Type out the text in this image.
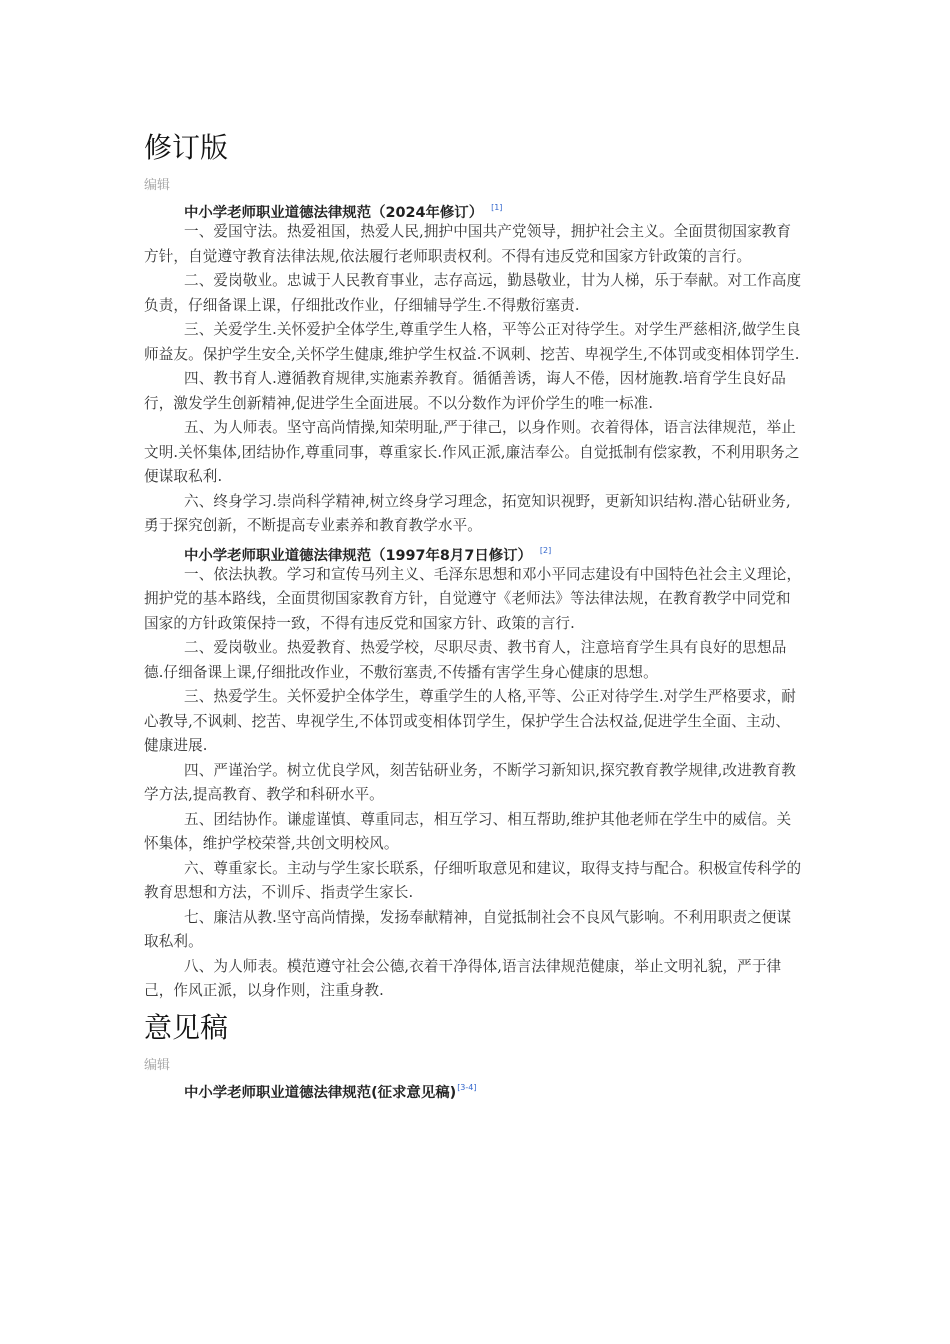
修订版
编辑
中小学老师职业道德法律规范（2024年修订） [1]

一、爱国守法。热爱祖国，热爱人民,拥护中国共产党领导，拥护社会主义。全面贯彻国家教育方针，自觉遵守教育法律法规,依法履行老师职责权利。不得有违反党和国家方针政策的言行。

二、爱岗敬业。忠诚于人民教育事业，志存高远，勤恳敬业，甘为人梯，乐于奉献。对工作高度负责，仔细备课上课，仔细批改作业，仔细辅导学生.不得敷衍塞责.

三、关爱学生.关怀爱护全体学生,尊重学生人格，平等公正对待学生。对学生严慈相济,做学生良师益友。保护学生安全,关怀学生健康,维护学生权益.不讽刺、挖苦、卑视学生,不体罚或变相体罚学生.

四、教书育人.遵循教育规律,实施素养教育。循循善诱，诲人不倦，因材施教.培育学生良好品行，激发学生创新精神,促进学生全面进展。不以分数作为评价学生的唯一标准.

五、为人师表。坚守高尚情操,知荣明耻,严于律己，以身作则。衣着得体，语言法律规范，举止文明.关怀集体,团结协作,尊重同事，尊重家长.作风正派,廉洁奉公。自觉抵制有偿家教，不利用职务之便谋取私利.

六、终身学习.崇尚科学精神,树立终身学习理念，拓宽知识视野，更新知识结构.潜心钻研业务,勇于探究创新，不断提高专业素养和教育教学水平。

中小学老师职业道德法律规范（1997年8月7日修订） [2]

一、依法执教。学习和宣传马列主义、毛泽东思想和邓小平同志建设有中国特色社会主义理论，拥护党的基本路线，全面贯彻国家教育方针，自觉遵守《老师法》等法律法规，在教育教学中同党和国家的方针政策保持一致，不得有违反党和国家方针、政策的言行.

二、爱岗敬业。热爱教育、热爱学校，尽职尽责、教书育人，注意培育学生具有良好的思想品德.仔细备课上课,仔细批改作业，不敷衍塞责,不传播有害学生身心健康的思想。

三、热爱学生。关怀爱护全体学生，尊重学生的人格,平等、公正对待学生.对学生严格要求，耐心教导,不讽刺、挖苦、卑视学生,不体罚或变相体罚学生，保护学生合法权益,促进学生全面、主动、健康进展.

四、严谨治学。树立优良学风，刻苦钻研业务，不断学习新知识,探究教育教学规律,改进教育教学方法,提高教育、教学和科研水平。

五、团结协作。谦虚谨慎、尊重同志，相互学习、相互帮助,维护其他老师在学生中的威信。关怀集体，维护学校荣誉,共创文明校风。

六、尊重家长。主动与学生家长联系，仔细听取意见和建议，取得支持与配合。积极宣传科学的教育思想和方法，不训斥、指责学生家长.

七、廉洁从教.坚守高尚情操，发扬奉献精神，自觉抵制社会不良风气影响。不利用职责之便谋取私利。

八、为人师表。模范遵守社会公德,衣着干净得体,语言法律规范健康，举止文明礼貌，严于律己，作风正派，以身作则，注重身教.

意见稿
编辑
中小学老师职业道德法律规范(征求意见稿)[3-4]
